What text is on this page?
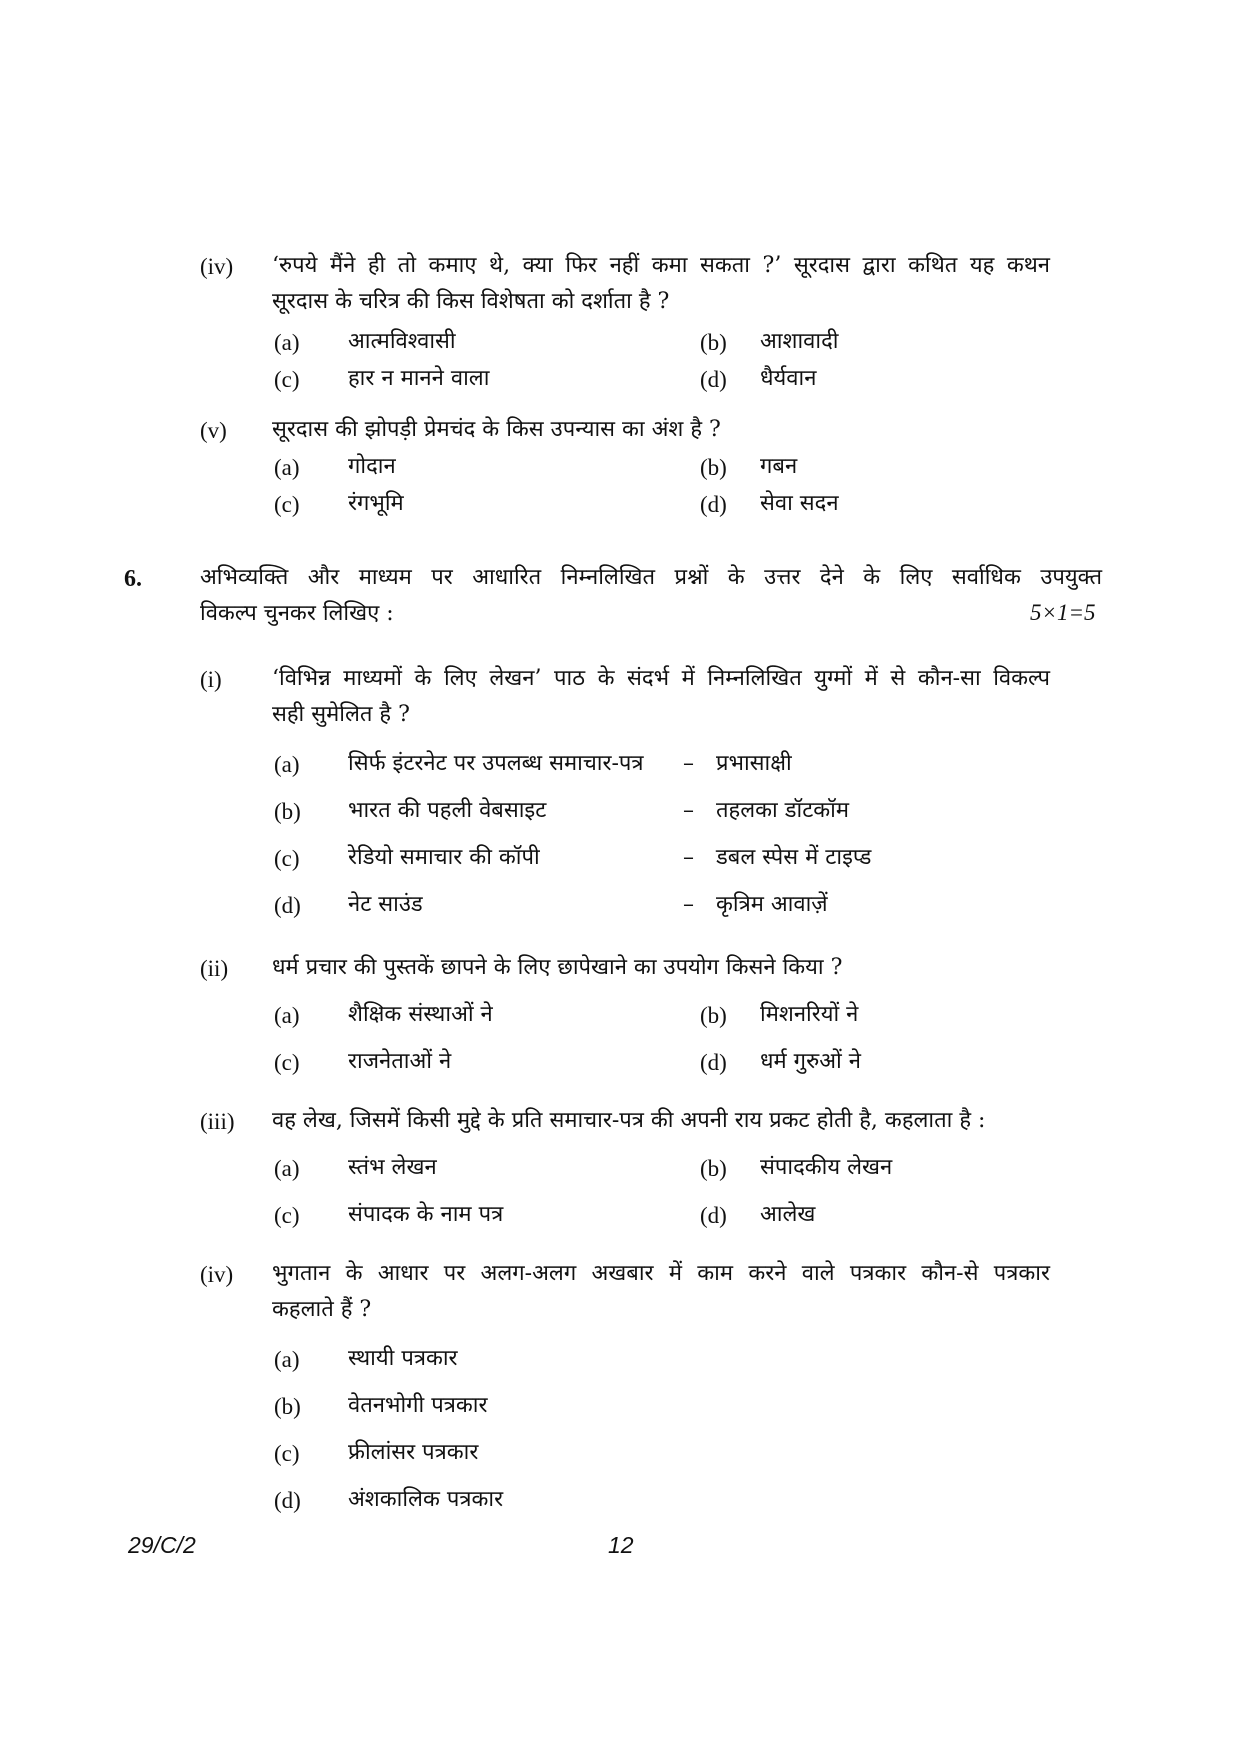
(iv) ‘रुपये मैंने ही तो कमाए थे, क्या फिर नहीं कमा सकता ?’ सूरदास द्वारा कथित यह कथन
सूरदास के चरित्र की किस विशेषता को दर्शाता है ?
(a) आत्मविश्वासी	(b) आशावादी
(c) हार न मानने वाला	(d) धैर्यवान
(v) सूरदास की झोपड़ी प्रेमचंद के किस उपन्यास का अंश है ?
(a) गोदान	(b) गबन
(c) रंगभूमि	(d) सेवा सदन
6.	अभिव्यक्ति और माध्यम पर आधारित निम्नलिखित प्रश्नों के उत्तर देने के लिए सर्वाधिक उपयुक्त
विकल्प चुनकर लिखिए :	5×1=5
(i) ‘विभिन्न माध्यमों के लिए लेखन’ पाठ के संदर्भ में निम्नलिखित युग्मों में से कौन-सा विकल्प
सही सुमेलित है ?
(a) सिर्फ इंटरनेट पर उपलब्ध समाचार-पत्र – प्रभासाक्षी
(b) भारत की पहली वेबसाइट	– तहलका डॉटकॉम
(c) रेडियो समाचार की कॉपी	– डबल स्पेस में टाइप्ड
(d) नेट साउंड	– कृत्रिम आवाज़ें
(ii) धर्म प्रचार की पुस्तकें छापने के लिए छापेखाने का उपयोग किसने किया ?
(a) शैक्षिक संस्थाओं ने	(b) मिशनरियों ने
(c) राजनेताओं ने	(d) धर्म गुरुओं ने
(iii) वह लेख, जिसमें किसी मुद्दे के प्रति समाचार-पत्र की अपनी राय प्रकट होती है, कहलाता है :
(a) स्तंभ लेखन	(b) संपादकीय लेखन
(c) संपादक के नाम पत्र	(d) आलेख
(iv) भुगतान के आधार पर अलग-अलग अखबार में काम करने वाले पत्रकार कौन-से पत्रकार
कहलाते हैं ?
(a) स्थायी पत्रकार
(b) वेतनभोगी पत्रकार
(c) फ्रीलांसर पत्रकार
(d) अंशकालिक पत्रकार
29/C/2	12
